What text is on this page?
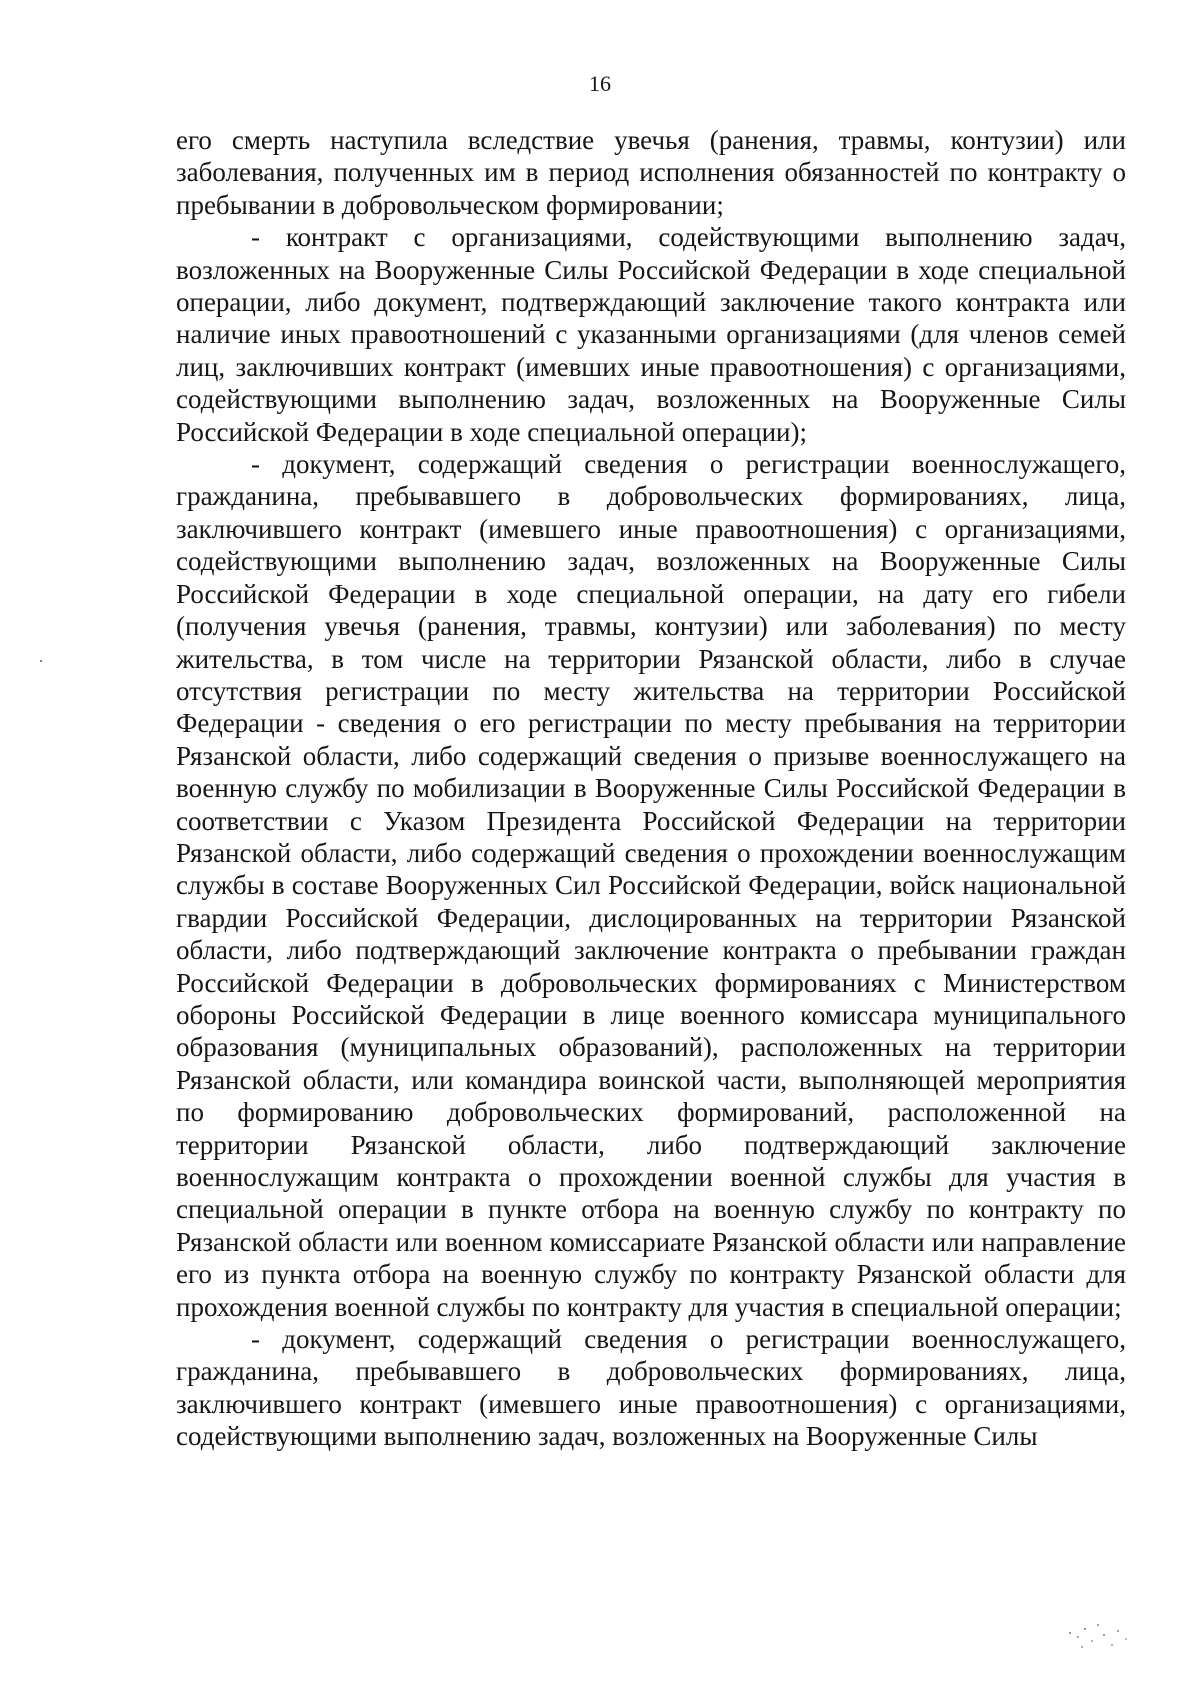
16

его смерть наступила вследствие увечья (ранения, травмы, контузии) или заболевания, полученных им в период исполнения обязанностей по контракту о пребывании в добровольческом формировании;

- контракт с организациями, содействующими выполнению задач, возложенных на Вооруженные Силы Российской Федерации в ходе специальной операции, либо документ, подтверждающий заключение такого контракта или наличие иных правоотношений с указанными организациями (для членов семей лиц, заключивших контракт (имевших иные правоотношения) с организациями, содействующими выполнению задач, возложенных на Вооруженные Силы Российской Федерации в ходе специальной операции);

- документ, содержащий сведения о регистрации военнослужащего, гражданина, пребывавшего в добровольческих формированиях, лица, заключившего контракт (имевшего иные правоотношения) с организациями, содействующими выполнению задач, возложенных на Вооруженные Силы Российской Федерации в ходе специальной операции, на дату его гибели (получения увечья (ранения, травмы, контузии) или заболевания) по месту жительства, в том числе на территории Рязанской области, либо в случае отсутствия регистрации по месту жительства на территории Российской Федерации - сведения о его регистрации по месту пребывания на территории Рязанской области, либо содержащий сведения о призыве военнослужащего на военную службу по мобилизации в Вооруженные Силы Российской Федерации в соответствии с Указом Президента Российской Федерации на территории Рязанской области, либо содержащий сведения о прохождении военнослужащим службы в составе Вооруженных Сил Российской Федерации, войск национальной гвардии Российской Федерации, дислоцированных на территории Рязанской области, либо подтверждающий заключение контракта о пребывании граждан Российской Федерации в добровольческих формированиях с Министерством обороны Российской Федерации в лице военного комиссара муниципального образования (муниципальных образований), расположенных на территории Рязанской области, или командира воинской части, выполняющей мероприятия по формированию добровольческих формирований, расположенной на территории Рязанской области, либо подтверждающий заключение военнослужащим контракта о прохождении военной службы для участия в специальной операции в пункте отбора на военную службу по контракту по Рязанской области или военном комиссариате Рязанской области или направление его из пункта отбора на военную службу по контракту Рязанской области для прохождения военной службы по контракту для участия в специальной операции;

- документ, содержащий сведения о регистрации военнослужащего, гражданина, пребывавшего в добровольческих формированиях, лица, заключившего контракт (имевшего иные правоотношения) с организациями, содействующими выполнению задач, возложенных на Вооруженные Силы
